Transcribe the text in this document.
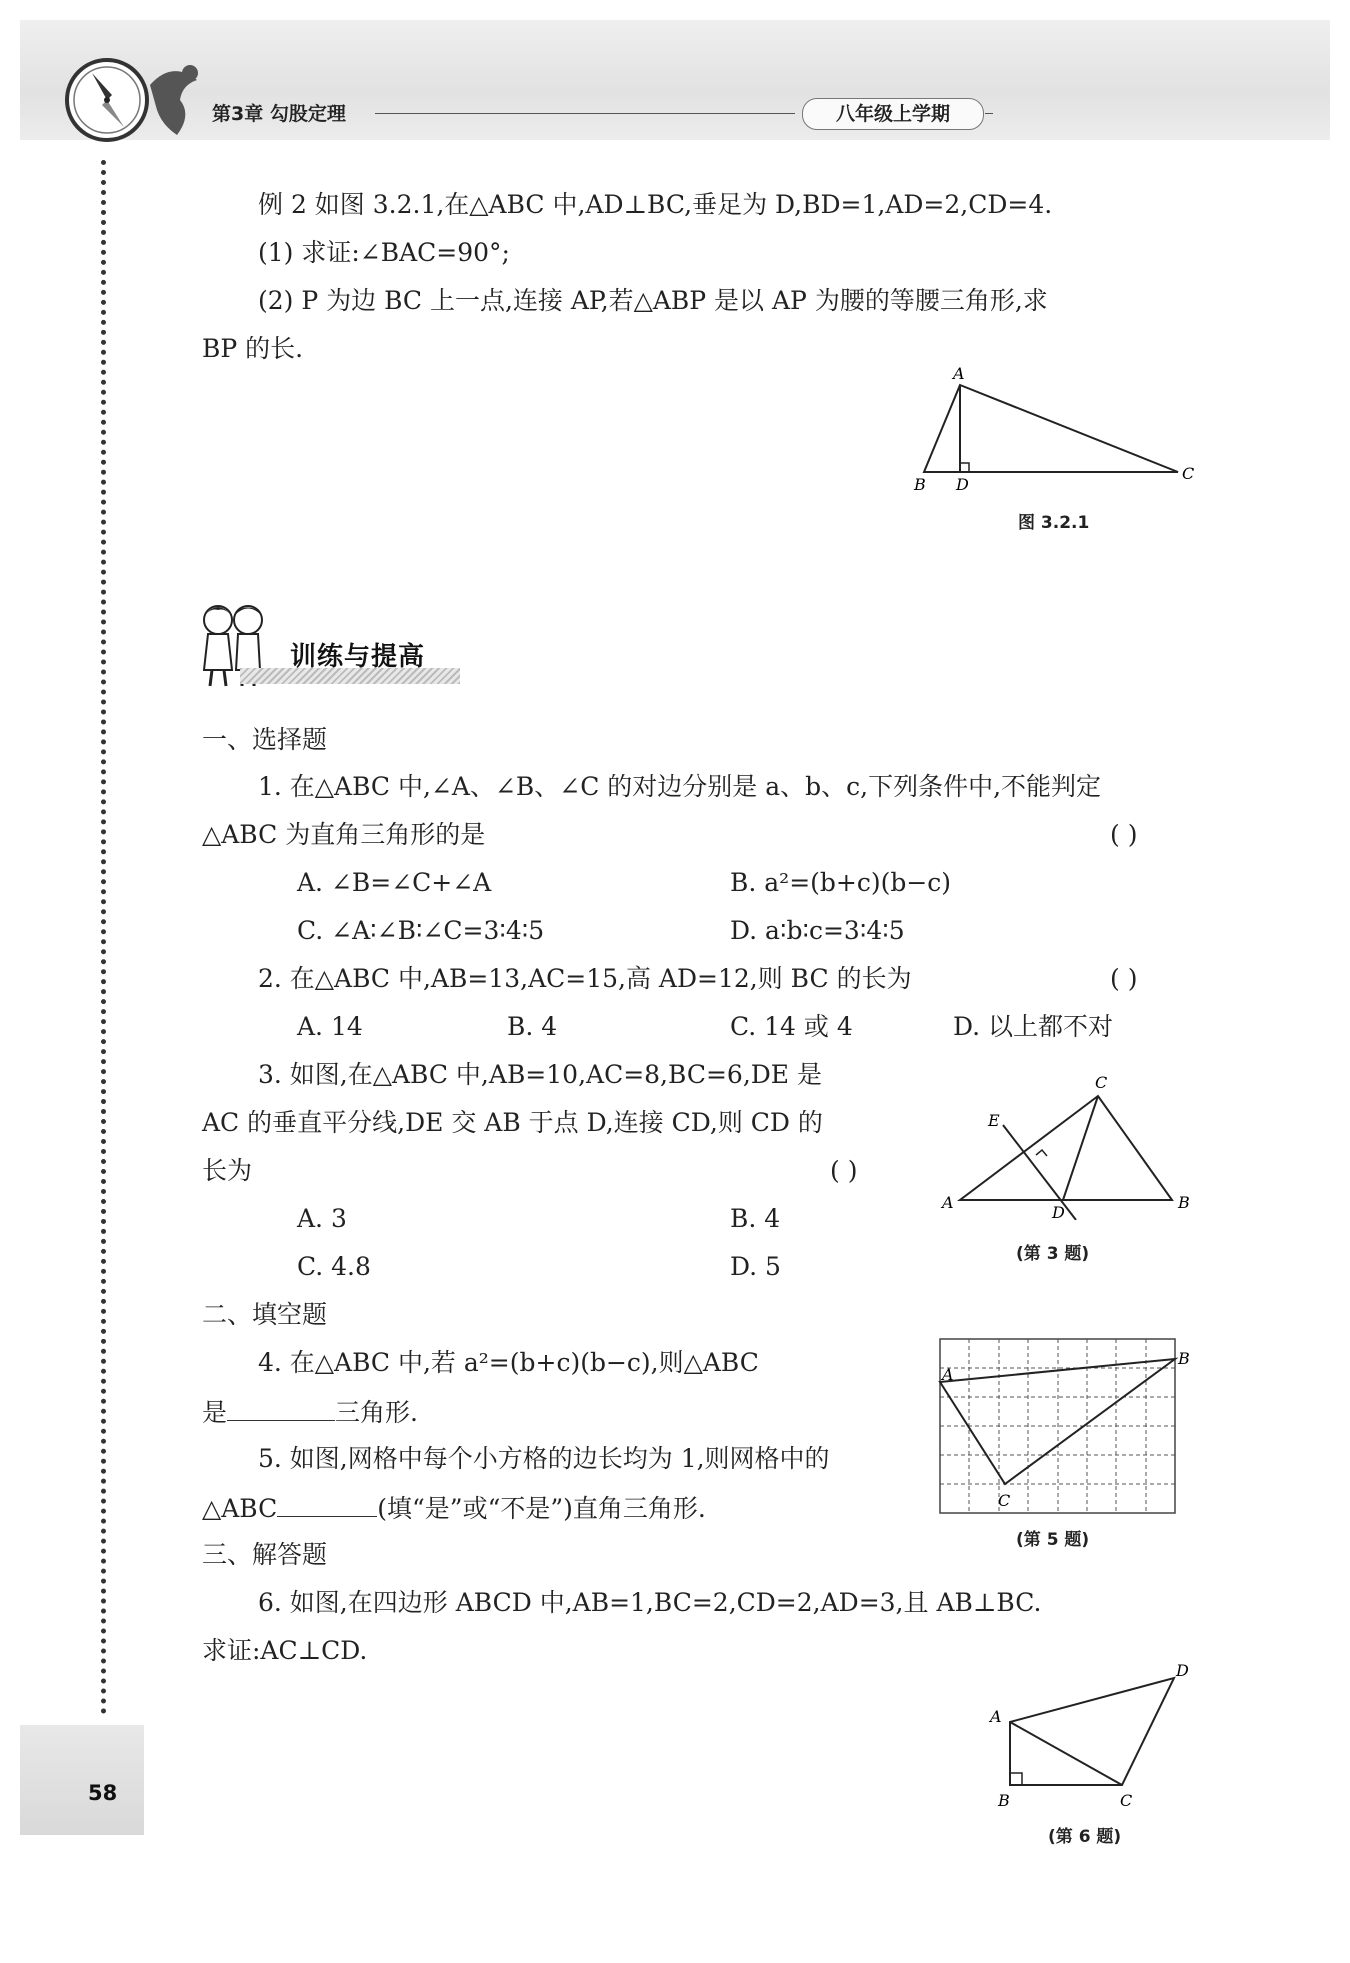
第3章 勾股定理	八年级上学期
58
例 2 如图 3.2.1,在△ABC 中,AD⊥BC,垂足为 D,BD=1,AD=2,CD=4.
(1) 求证:∠BAC=90°;
(2) P 为边 BC 上一点,连接 AP,若△ABP 是以 AP 为腰的等腰三角形,求
BP 的长.
A
B D
C
图 3.2.1
训练与提高
一、选择题
1. 在△ABC 中,∠A、∠B、∠C 的对边分别是 a、b、c,下列条件中,不能判定
△ABC 为直角三角形的是	( )
A. ∠B=∠C+∠A	B. a²=(b+c)(b−c)
C. ∠A∶∠B∶∠C=3∶4∶5	D. a∶b∶c=3∶4∶5
2. 在△ABC 中,AB=13,AC=15,高 AD=12,则 BC 的长为	( )
A. 14	B. 4	C. 14 或 4	D. 以上都不对
3. 如图,在△ABC 中,AB=10,AC=8,BC=6,DE 是
AC 的垂直平分线,DE 交 AB 于点 D,连接 CD,则 CD 的
长为	( )
A. 3	B. 4
C. 4.8	D. 5
A	B
C
D
E
(第 3 题)
二、填空题
4. 在△ABC 中,若 a²=(b+c)(b−c),则△ABC
是	三角形.
5. 如图,网格中每个小方格的边长均为 1,则网格中的
△ABC	(填“是”或“不是”)直角三角形.
A
B
C
(第 5 题)
三、解答题
6. 如图,在四边形 ABCD 中,AB=1,BC=2,CD=2,AD=3,且 AB⊥BC.
求证:AC⊥CD.
A
B	C
D
(第 6 题)
